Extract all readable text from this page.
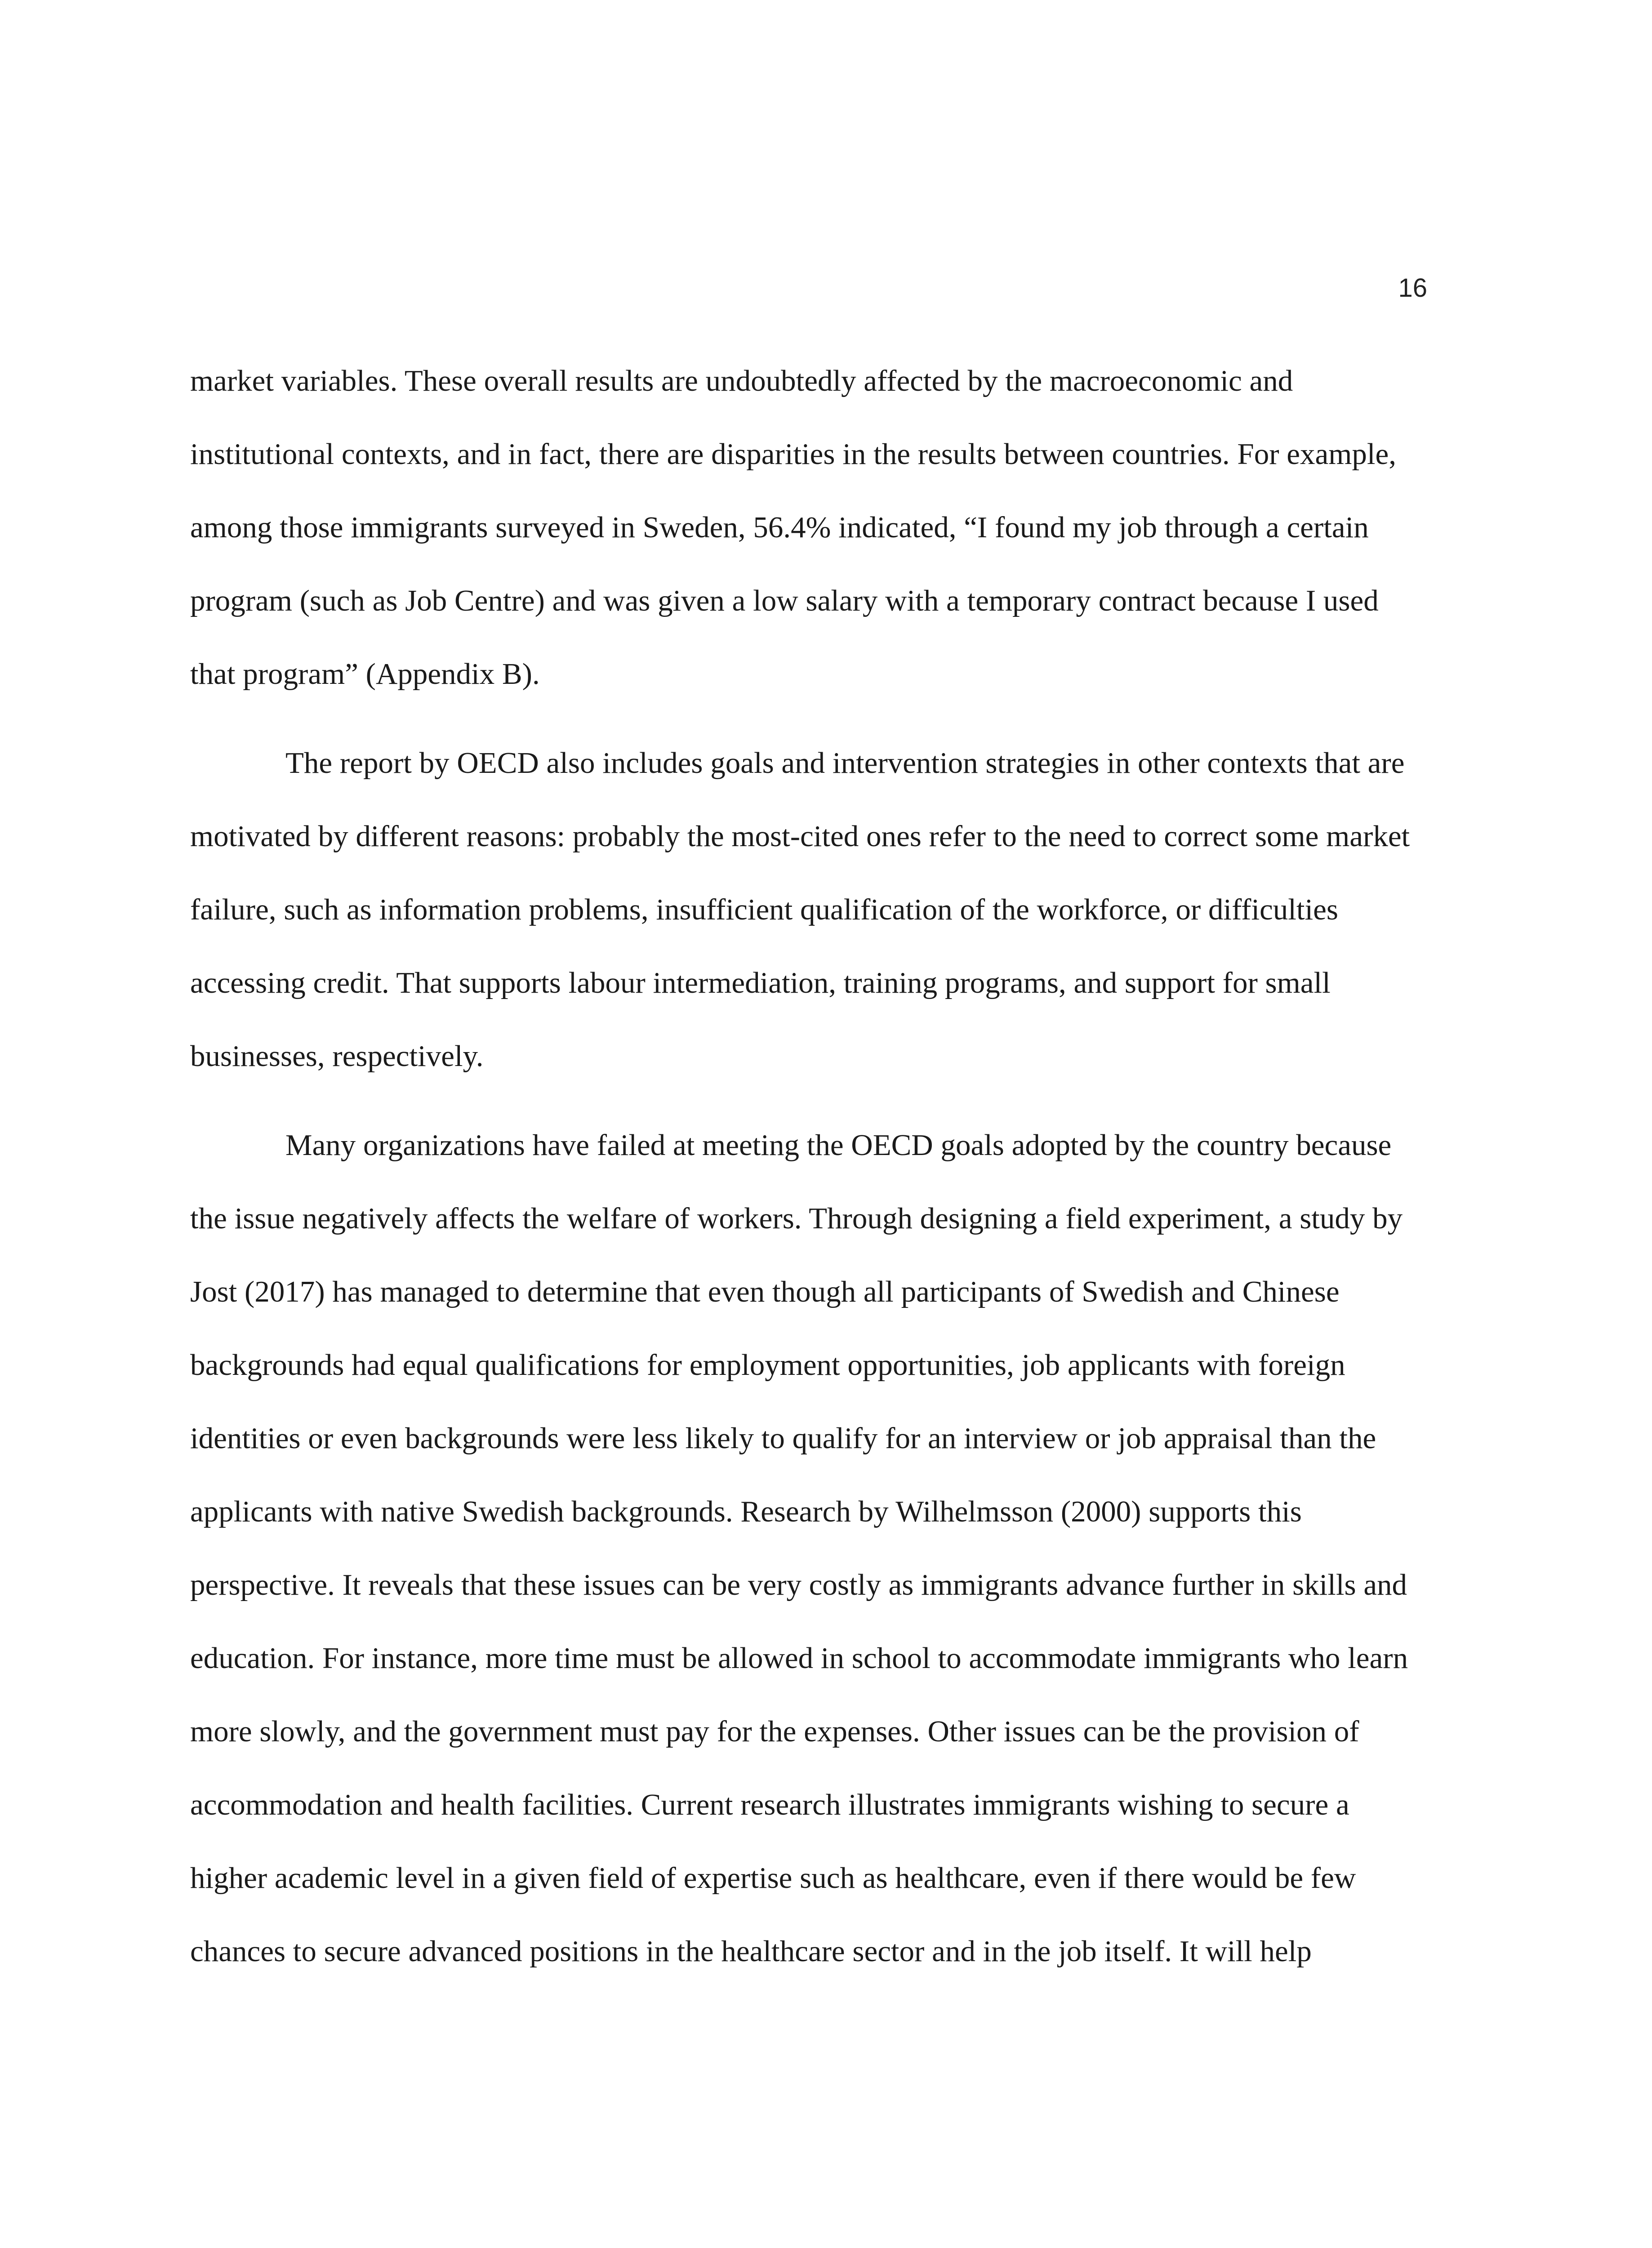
16
market variables. These overall results are undoubtedly affected by the macroeconomic and
institutional contexts, and in fact, there are disparities in the results between countries. For example,
among those immigrants surveyed in Sweden, 56.4% indicated, “I found my job through a certain
program (such as Job Centre) and was given a low salary with a temporary contract because I used
that program” (Appendix B).
The report by OECD also includes goals and intervention strategies in other contexts that are
motivated by different reasons: probably the most-cited ones refer to the need to correct some market
failure, such as information problems, insufficient qualification of the workforce, or difficulties
accessing credit. That supports labour intermediation, training programs, and support for small
businesses, respectively.
Many organizations have failed at meeting the OECD goals adopted by the country because
the issue negatively affects the welfare of workers. Through designing a field experiment, a study by
Jost (2017) has managed to determine that even though all participants of Swedish and Chinese
backgrounds had equal qualifications for employment opportunities, job applicants with foreign
identities or even backgrounds were less likely to qualify for an interview or job appraisal than the
applicants with native Swedish backgrounds. Research by Wilhelmsson (2000) supports this
perspective. It reveals that these issues can be very costly as immigrants advance further in skills and
education. For instance, more time must be allowed in school to accommodate immigrants who learn
more slowly, and the government must pay for the expenses. Other issues can be the provision of
accommodation and health facilities. Current research illustrates immigrants wishing to secure a
higher academic level in a given field of expertise such as healthcare, even if there would be few
chances to secure advanced positions in the healthcare sector and in the job itself. It will help
